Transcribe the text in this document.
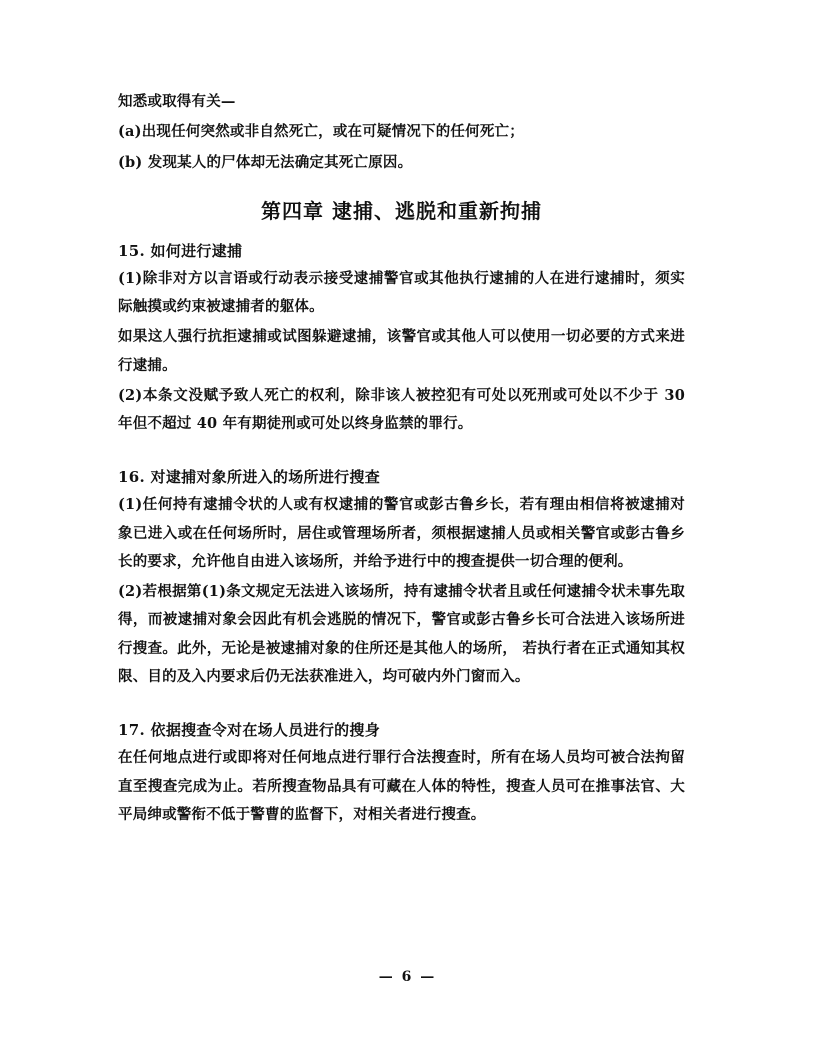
知悉或取得有关—

(a)出现任何突然或非自然死亡，或在可疑情况下的任何死亡；

(b) 发现某人的尸体却无法确定其死亡原因。

第四章 逮捕、逃脱和重新拘捕
15. 如何进行逮捕

(1)除非对方以言语或行动表示接受逮捕警官或其他执行逮捕的人在进行逮捕时，须实际触摸或约束被逮捕者的躯体。

如果这人强行抗拒逮捕或试图躲避逮捕，该警官或其他人可以使用一切必要的方式来进行逮捕。

(2)本条文没赋予致人死亡的权利，除非该人被控犯有可处以死刑或可处以不少于 30 年但不超过 40 年有期徒刑或可处以终身监禁的罪行。

16. 对逮捕对象所进入的场所进行搜查

(1)任何持有逮捕令状的人或有权逮捕的警官或彭古鲁乡长，若有理由相信将被逮捕对象已进入或在任何场所时，居住或管理场所者，须根据逮捕人员或相关警官或彭古鲁乡长的要求，允许他自由进入该场所，并给予进行中的搜查提供一切合理的便利。

(2)若根据第(1)条文规定无法进入该场所，持有逮捕令状者且或任何逮捕令状未事先取得，而被逮捕对象会因此有机会逃脱的情况下，警官或彭古鲁乡长可合法进入该场所进行搜查。此外，无论是被逮捕对象的住所还是其他人的场所， 若执行者在正式通知其权限、目的及入内要求后仍无法获准进入，均可破内外门窗而入。

17. 依据搜查令对在场人员进行的搜身

在任何地点进行或即将对任何地点进行罪行合法搜查时，所有在场人员均可被合法拘留直至搜查完成为止。若所搜查物品具有可藏在人体的特性，搜查人员可在推事法官、大平局绅或警衔不低于警曹的监督下，对相关者进行搜查。

— 6 —
